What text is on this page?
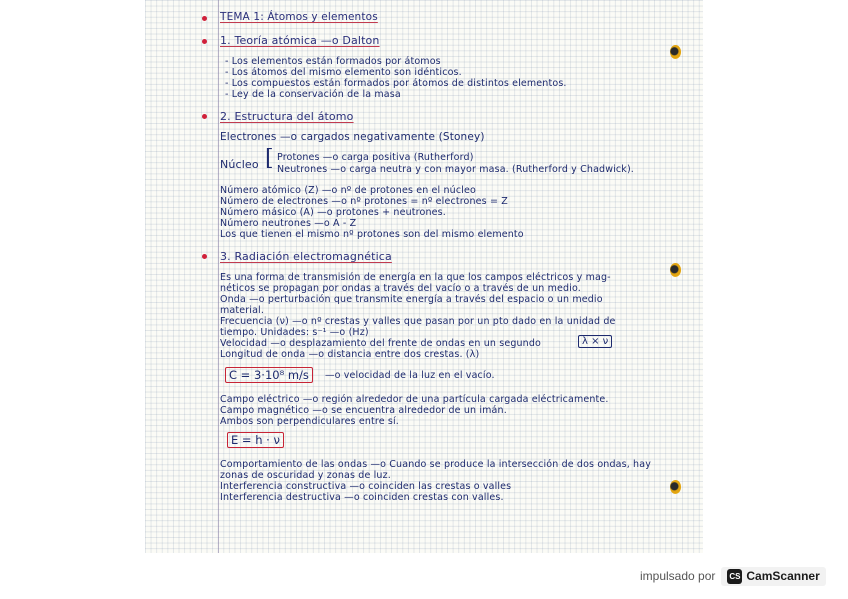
TEMA 1: Átomos y elementos
1. Teoría atómica —o Dalton
- Los elementos están formados por átomos
- Los átomos del mismo elemento son idénticos.
- Los compuestos están formados por átomos de distintos elementos.
- Ley de la conservación de la masa
2. Estructura del átomo
Electrones —o cargados negativamente (Stoney)
Núcleo [ Protones —o carga positiva (Rutherford)
Neutrones —o carga neutra y con mayor masa. (Rutherford y Chadwick).
Número atómico (Z) —o nº de protones en el núcleo
Número de electrones —o nº protones = nº electrones = Z
Número másico (A) —o protones + neutrones.
Número neutrones —o A - Z
Los que tienen el mismo nº protones son del mismo elemento
3. Radiación electromagnética
Es una forma de transmisión de energía en la que los campos eléctricos y mag-
néticos se propagan por ondas a través del vacío o a través de un medio.
Onda —o perturbación que transmite energía a través del espacio o un medio
material.
Frecuencia (ν) —o nº crestas y valles que pasan por un pto dado en la unidad de
tiempo. Unidades: s⁻¹ —o (Hz)
Velocidad —o desplazamiento del frente de ondas en un segundo	λ × ν
Longitud de onda —o distancia entre dos crestas. (λ)
C = 3·10⁸ m/s	—o velocidad de la luz en el vacío.
Campo eléctrico —o región alrededor de una partícula cargada eléctricamente.
Campo magnético —o se encuentra alrededor de un imán.
Ambos son perpendiculares entre sí.
E = h · ν
Comportamiento de las ondas —o Cuando se produce la intersección de dos ondas, hay
zonas de oscuridad y zonas de luz.
Interferencia constructiva —o coinciden las crestas o valles
Interferencia destructiva —o coinciden crestas con valles.
impulsado por CS CamScanner
